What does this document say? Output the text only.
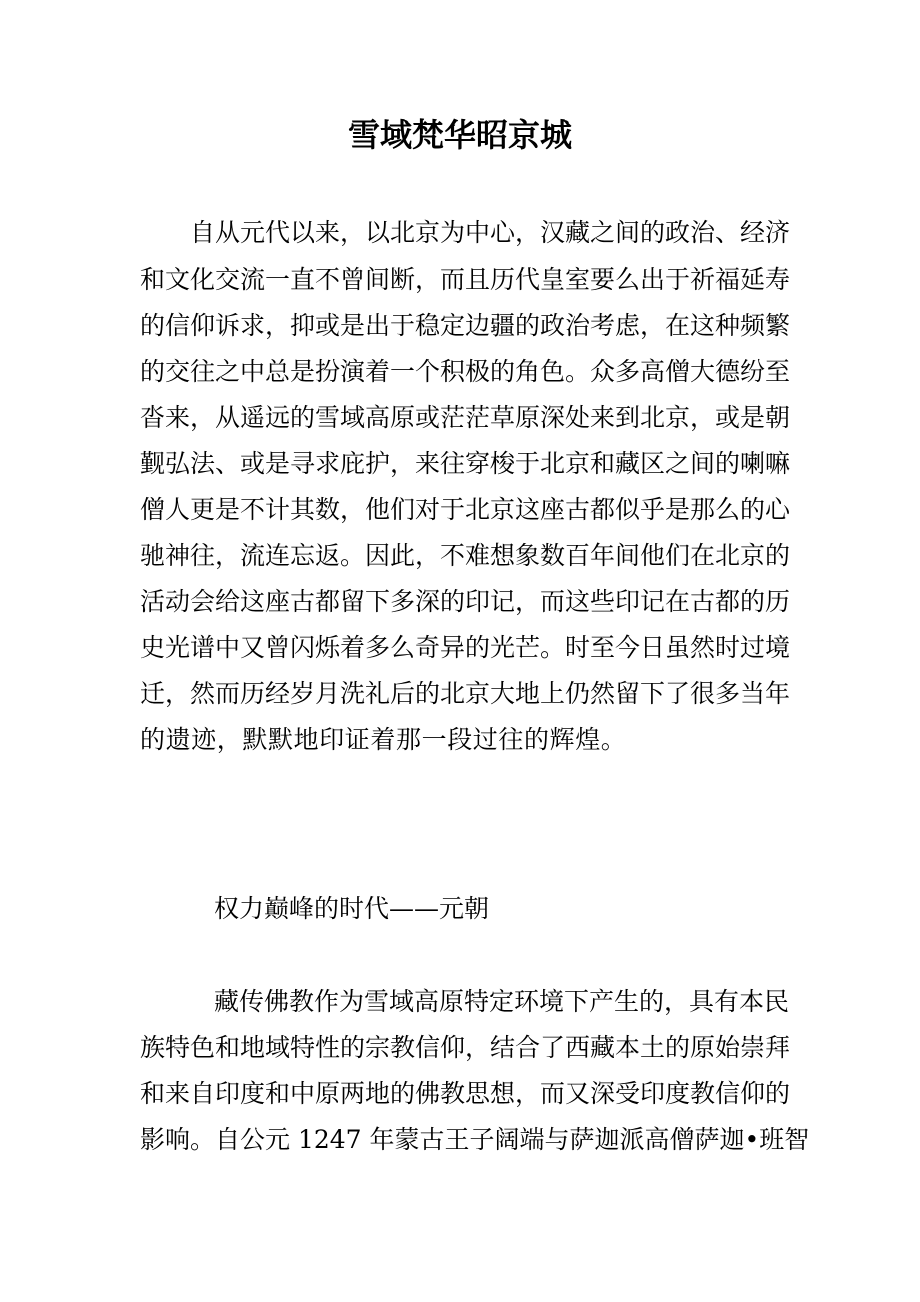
雪域梵华昭京城
自从元代以来，以北京为中心，汉藏之间的政治、经济
和文化交流一直不曾间断，而且历代皇室要么出于祈福延寿
的信仰诉求，抑或是出于稳定边疆的政治考虑，在这种频繁
的交往之中总是扮演着一个积极的角色。众多高僧大德纷至
沓来，从遥远的雪域高原或茫茫草原深处来到北京，或是朝
觐弘法、或是寻求庇护，来往穿梭于北京和藏区之间的喇嘛
僧人更是不计其数，他们对于北京这座古都似乎是那么的心
驰神往，流连忘返。因此，不难想象数百年间他们在北京的
活动会给这座古都留下多深的印记，而这些印记在古都的历
史光谱中又曾闪烁着多么奇异的光芒。时至今日虽然时过境
迁，然而历经岁月洗礼后的北京大地上仍然留下了很多当年
的遗迹，默默地印证着那一段过往的辉煌。
权力巅峰的时代——元朝
藏传佛教作为雪域高原特定环境下产生的，具有本民
族特色和地域特性的宗教信仰，结合了西藏本土的原始崇拜
和来自印度和中原两地的佛教思想，而又深受印度教信仰的
影响。自公元 1247 年蒙古王子阔端与萨迦派高僧萨迦•班智
